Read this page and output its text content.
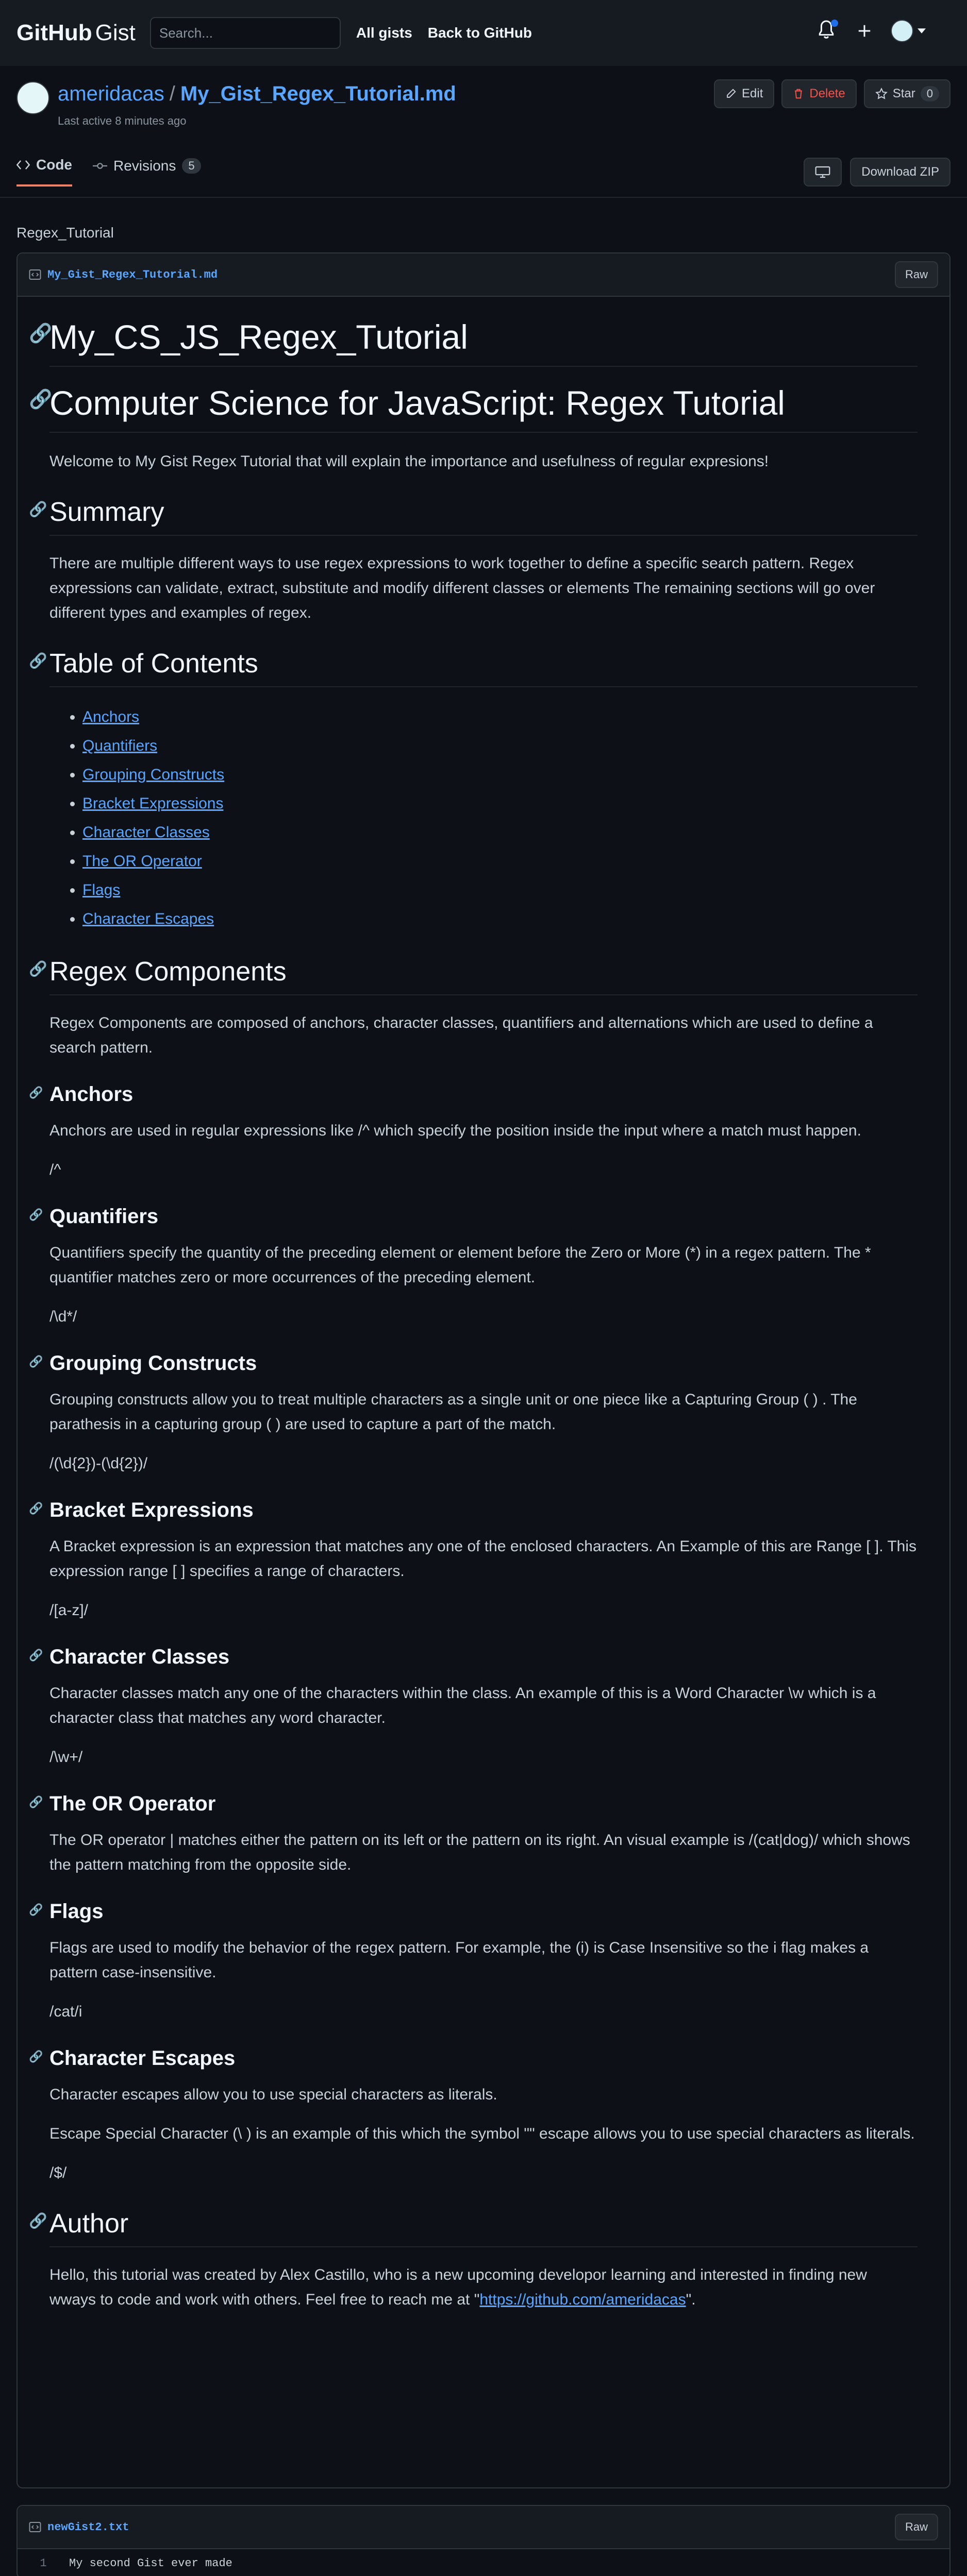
GitHub Gist	Search...	All gists Back to GitHub
ameridacas / My_Gist_Regex_Tutorial.md
Last active 8 minutes ago
Edit	Delete	Star	0
Code	Revisions	5	Download ZIP
Regex_Tutorial
My_Gist_Regex_Tutorial.md	Raw
🔗
My_CS_JS_Regex_Tutorial
🔗
Computer Science for JavaScript: Regex Tutorial

Welcome to My Gist Regex Tutorial that will explain the importance and usefulness of regular expresions!

🔗 Summary

There are multiple different ways to use regex expressions to work together to define a specific search pattern. Regex expressions can validate, extract, substitute and modify different classes or elements The remaining sections will go over different types and examples of regex.

🔗 Table of Contents
• Anchors
• Quantifiers
• Grouping Constructs
• Bracket Expressions
• Character Classes
• The OR Operator
• Flags
• Character Escapes
🔗 Regex Components

Regex Components are composed of anchors, character classes, quantifiers and alternations which are used to define a search pattern.

🔗 Anchors

Anchors are used in regular expressions like /^ which specify the position inside the input where a match must happen.

/^

🔗 Quantifiers

Quantifiers specify the quantity of the preceding element or element before the Zero or More (*) in a regex pattern. The * quantifier matches zero or more occurrences of the preceding element.

/\d*/

🔗 Grouping Constructs

Grouping constructs allow you to treat multiple characters as a single unit or one piece like a Capturing Group ( ) . The parathesis in a capturing group ( ) are used to capture a part of the match.

/(\d{2})-(\d{2})/

🔗 Bracket Expressions

A Bracket expression is an expression that matches any one of the enclosed characters. An Example of this are Range [ ]. This expression range [ ] specifies a range of characters.

/[a-z]/

🔗 Character Classes

Character classes match any one of the characters within the class. An example of this is a Word Character \w which is a character class that matches any word character.

/\w+/

🔗 The OR Operator

The OR operator | matches either the pattern on its left or the pattern on its right. An visual example is /(cat|dog)/ which shows the pattern matching from the opposite side.

🔗 Flags

Flags are used to modify the behavior of the regex pattern. For example, the (i) is Case Insensitive so the i flag makes a pattern case-insensitive.

/cat/i

🔗 Character Escapes

Character escapes allow you to use special characters as literals.

Escape Special Character (\ ) is an example of this which the symbol "" escape allows you to use special characters as literals.

/$/

🔗 Author

Hello, this tutorial was created by Alex Castillo, who is a new upcoming developor learning and interested in finding new wways to code and work with others. Feel free to reach me at "https://github.com/ameridacas".

newGist2.txt	Raw
1	My second Gist ever made
